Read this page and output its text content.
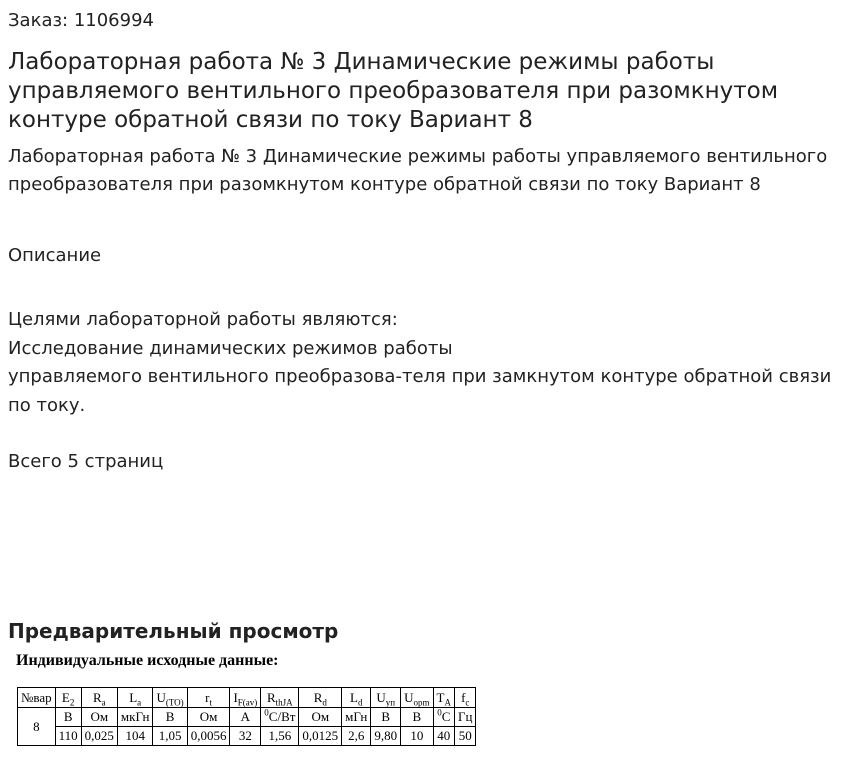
Заказ: 1106994
Лабораторная работа № 3 Динамические режимы работы управляемого вентильного преобразователя при разомкнутом контуре обратной связи по току Вариант 8

Лабораторная работа № 3 Динамические режимы работы управляемого вентильного преобразователя при разомкнутом контуре обратной связи по току Вариант 8

Описание
Целями лабораторной работы являются:
Исследование динамических режимов работы
управляемого вентильного преобразова-теля при замкнутом контуре обратной связи по току.
Всего 5 страниц
Предварительный просмотр
Индивидуальные исходные данные:
№вар	$E_2$	$R_a$	$L_a$	$U_{(TO)}$	$r_t$	$I_{F(av)}$	$R_{thJA}$	$R_d$	$L_d$	$U_{уп}$	$U_{opm}$	$T_A$	$f_c$
8	В	Ом	мкГн	В	Ом	А	$^0$С/Вт	Ом	мГн	В	В	$^0$С	Гц
	110	0,025	104	1,05	0,0056	32	1,56	0,0125	2,6	9,80	10	40	50
